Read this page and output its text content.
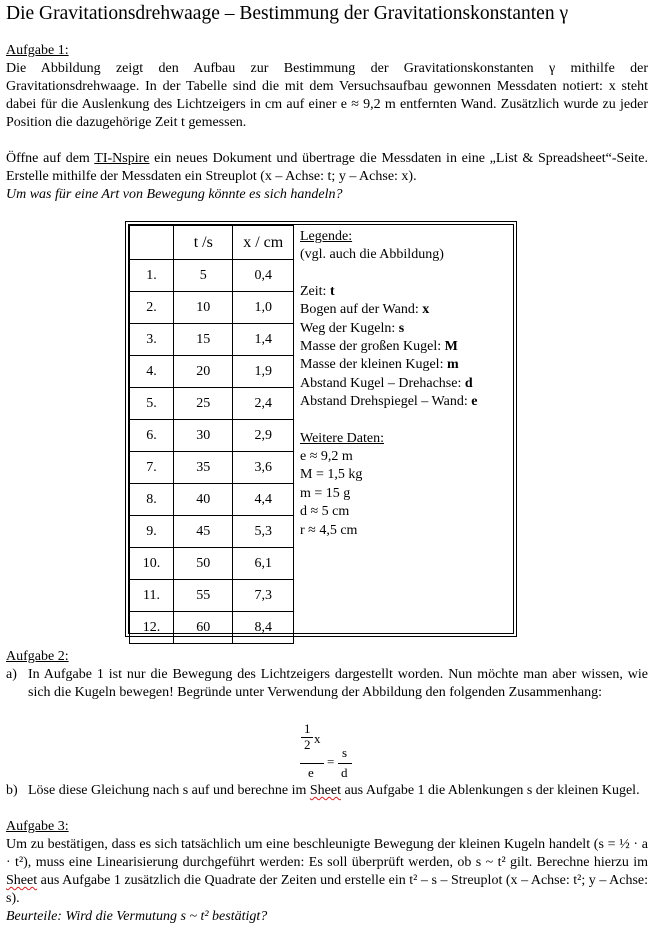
Die Gravitationsdrehwaage – Bestimmung der Gravitationskonstanten γ
Aufgabe 1:

Die Abbildung zeigt den Aufbau zur Bestimmung der Gravitationskonstanten γ mithilfe der Gravitationsdrehwaage. In der Tabelle sind die mit dem Versuchsaufbau gewonnen Messdaten notiert: x steht dabei für die Auslenkung des Lichtzeigers in cm auf einer e ≈ 9,2 m entfernten Wand. Zusätzlich wurde zu jeder Position die dazugehörige Zeit t gemessen.

Öffne auf dem TI-Nspire ein neues Dokument und übertrage die Messdaten in eine „List & Spreadsheet“-Seite. Erstelle mithilfe der Messdaten ein Streuplot (x – Achse: t; y – Achse: x).

Um was für eine Art von Bewegung könnte es sich handeln?

	t /s	x / cm
1.	5	0,4
2.	10	1,0
3.	15	1,4
4.	20	1,9
5.	25	2,4
6.	30	2,9
7.	35	3,6
8.	40	4,4
9.	45	5,3
10.	50	6,1
11.	55	7,3
12.	60	8,4
Legende:
(vgl. auch die Abbildung)
Zeit: t
Bogen auf der Wand: x
Weg der Kugeln: s
Masse der großen Kugel: M
Masse der kleinen Kugel: m
Abstand Kugel – Drehachse: d
Abstand Drehspiegel – Wand: e
Weitere Daten:
e ≈ 9,2 m
M = 1,5 kg
m = 15 g
d ≈ 5 cm
r ≈ 4,5 cm
Aufgabe 2:
a) In Aufgabe 1 ist nur die Bewegung des Lichtzeigers dargestellt worden. Nun möchte man aber wissen, wie sich die Kugeln bewegen! Begründe unter Verwendung der Abbildung den folgenden Zusammenhang:

1
2 x
e
=
s
d
b) Löse diese Gleichung nach s auf und berechne im Sheet aus Aufgabe 1 die Ablenkungen s der kleinen Kugel.

Aufgabe 3:

Um zu bestätigen, dass es sich tatsächlich um eine beschleunigte Bewegung der kleinen Kugeln handelt (s = ½ · a · t²), muss eine Linearisierung durchgeführt werden: Es soll überprüft werden, ob s ~ t² gilt. Berechne hierzu im Sheet aus Aufgabe 1 zusätzlich die Quadrate der Zeiten und erstelle ein t² – s – Streuplot (x – Achse: t²; y – Achse: s).

Beurteile: Wird die Vermutung s ~ t² bestätigt?
